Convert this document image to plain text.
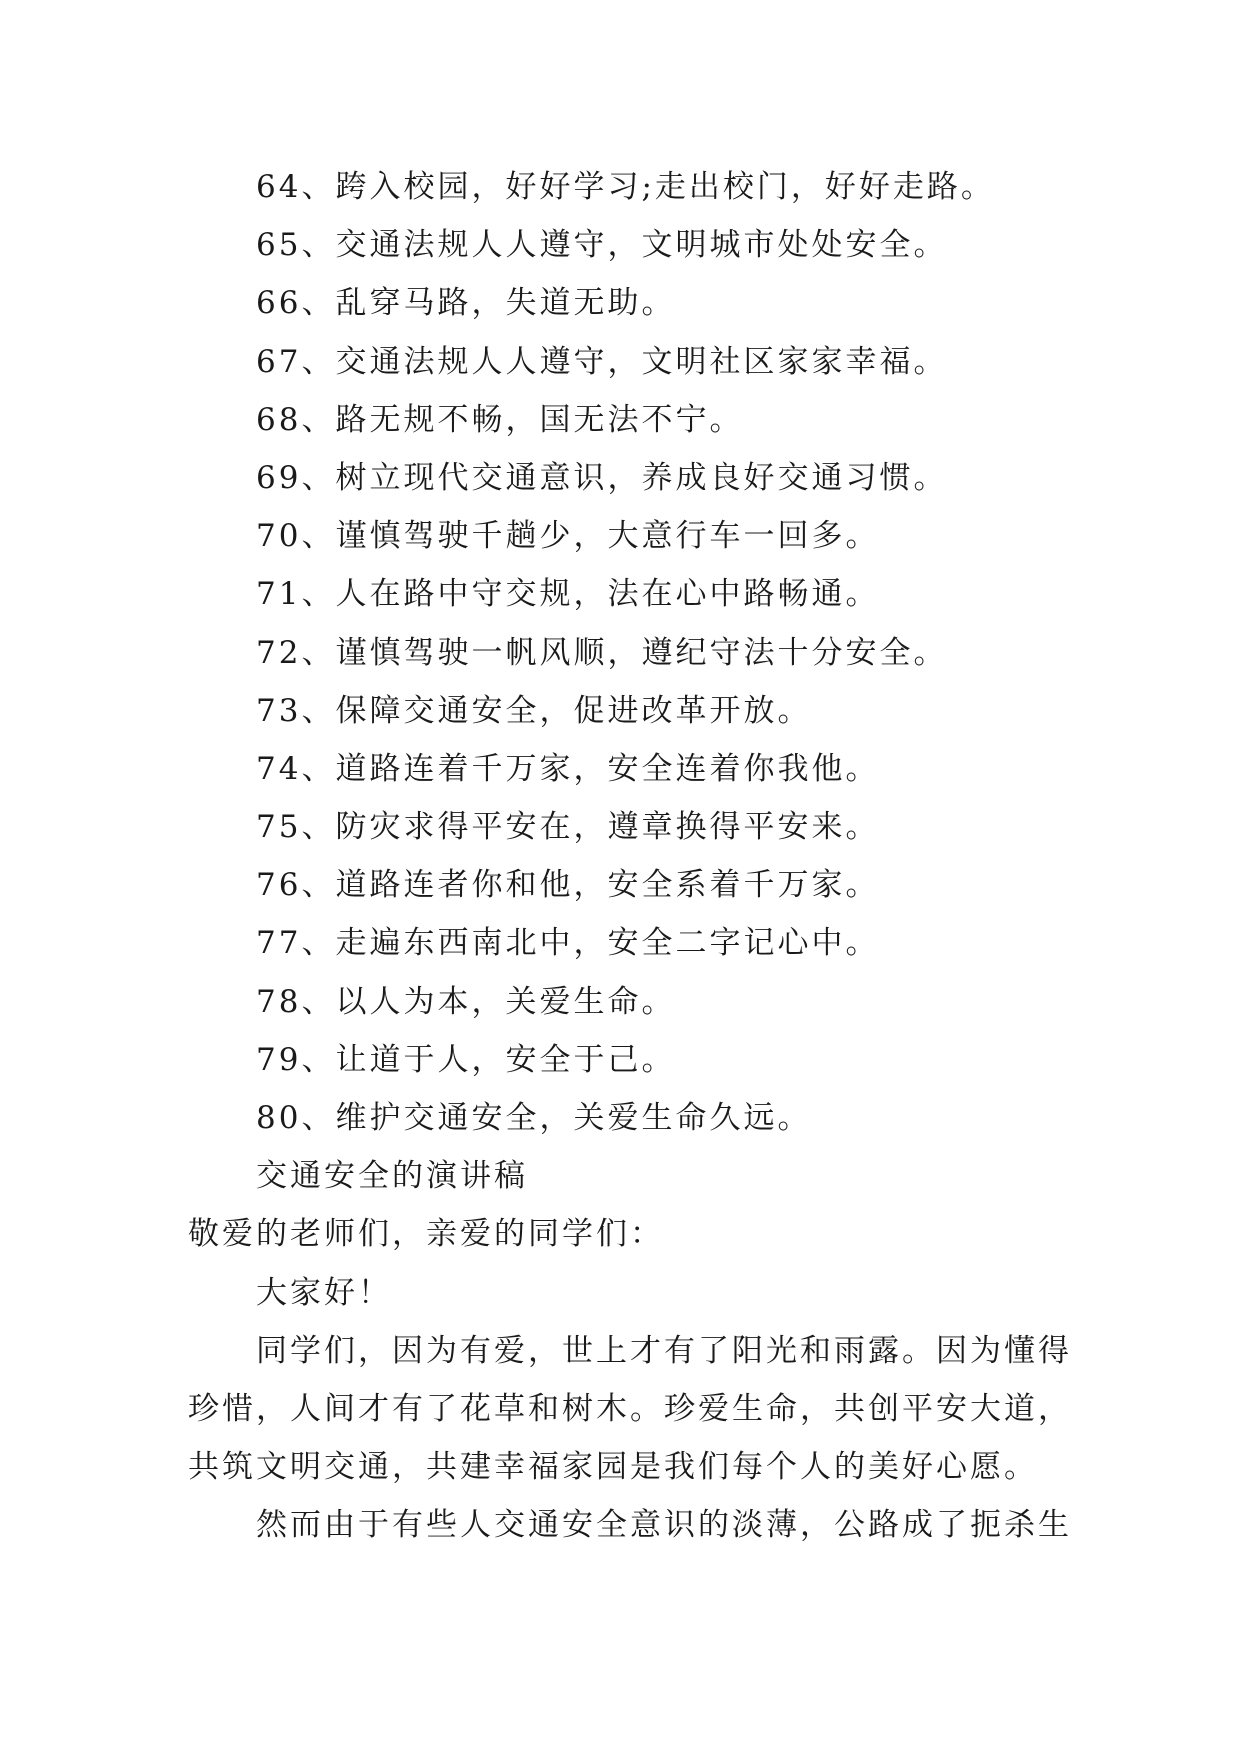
64、跨入校园，好好学习;走出校门，好好走路。
65、交通法规人人遵守，文明城市处处安全。
66、乱穿马路，失道无助。
67、交通法规人人遵守，文明社区家家幸福。
68、路无规不畅，国无法不宁。
69、树立现代交通意识，养成良好交通习惯。
70、谨慎驾驶千趟少，大意行车一回多。
71、人在路中守交规，法在心中路畅通。
72、谨慎驾驶一帆风顺，遵纪守法十分安全。
73、保障交通安全，促进改革开放。
74、道路连着千万家，安全连着你我他。
75、防灾求得平安在，遵章换得平安来。
76、道路连者你和他，安全系着千万家。
77、走遍东西南北中，安全二字记心中。
78、以人为本，关爱生命。
79、让道于人，安全于己。
80、维护交通安全，关爱生命久远。
交通安全的演讲稿
敬爱的老师们，亲爱的同学们：
大家好！
同学们，因为有爱，世上才有了阳光和雨露。因为懂得
珍惜，人间才有了花草和树木。珍爱生命，共创平安大道，
共筑文明交通，共建幸福家园是我们每个人的美好心愿。
然而由于有些人交通安全意识的淡薄，公路成了扼杀生
